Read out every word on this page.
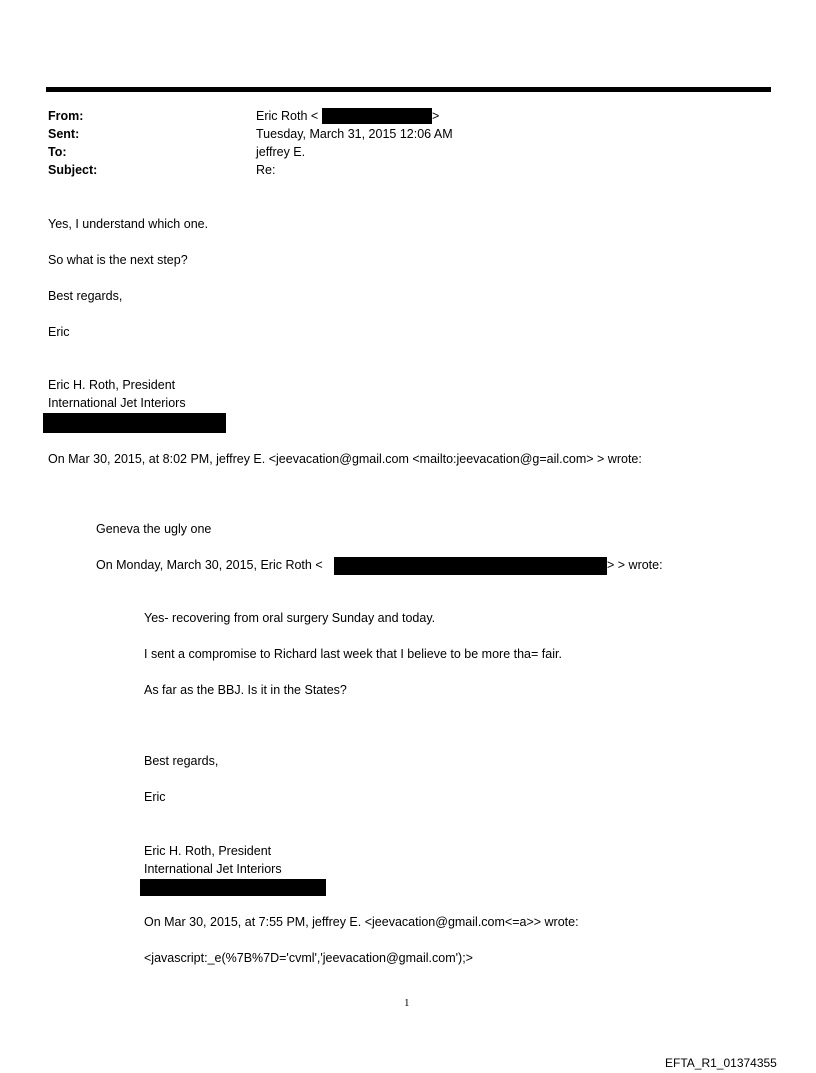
From:
Sent:
To:
Subject:
Eric Roth <	>
Tuesday, March 31, 2015 12:06 AM
jeffrey E.
Re:
Yes, I understand which one.
So what is the next step?
Best regards,
Eric
Eric H. Roth, President
International Jet Interiors
On Mar 30, 2015, at 8:02 PM, jeffrey E. <jeevacation@gmail.com <mailto:jeevacation@g=ail.com> > wrote:
Geneva the ugly one
On Monday, March 30, 2015, Eric Roth <	> > wrote:
Yes- recovering from oral surgery Sunday and today.
I sent a compromise to Richard last week that I believe to be more tha= fair.
As far as the BBJ. Is it in the States?
Best regards,
Eric
Eric H. Roth, President
International Jet Interiors
On Mar 30, 2015, at 7:55 PM, jeffrey E. <jeevacation@gmail.com<=a>> wrote:
<javascript:_e(%7B%7D='cvml','jeevacation@gmail.com');>
1
EFTA_R1_01374355
